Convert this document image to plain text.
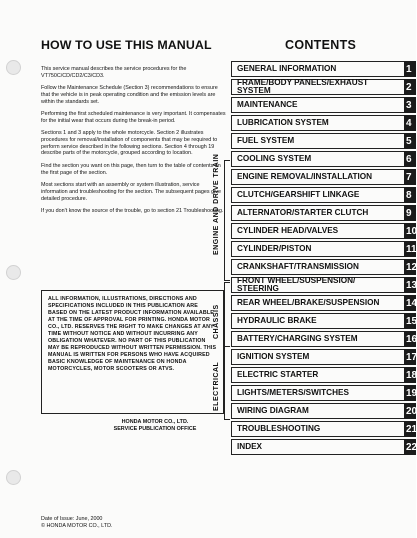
HOW TO USE THIS MANUAL

This service manual describes the service procedures for the VT750C/CD/CD2/C3/CD3.

Follow the Maintenance Schedule (Section 3) recommendations to ensure that the vehicle is in peak operating condition and the emission levels are within the standards set.

Performing the first scheduled maintenance is very important. It compensates for the initial wear that occurs during the break-in period.

Sections 1 and 3 apply to the whole motorcycle. Section 2 illustrates procedures for removal/installation of components that may be required to perform service described in the following sections. Section 4 through 19 describe parts of the motorcycle, grouped according to location.

Find the section you want on this page, then turn to the table of contents on the first page of the section.

Most sections start with an assembly or system illustration, service information and troubleshooting for the section. The subsequent pages give detailed procedure.

If you don't know the source of the trouble, go to section 21 Troubleshooting.

ALL INFORMATION, ILLUSTRATIONS, DIRECTIONS AND SPECIFICATIONS INCLUDED IN THIS PUBLICATION ARE BASED ON THE LATEST PRODUCT INFORMATION AVAILABLE AT THE TIME OF APPROVAL FOR PRINTING. HONDA MOTOR CO., LTD. RESERVES THE RIGHT TO MAKE CHANGES AT ANY TIME WITHOUT NOTICE AND WITHOUT INCURRING ANY OBLIGATION WHATEVER. NO PART OF THIS PUBLICATION MAY BE REPRODUCED WITHOUT WRITTEN PERMISSION. THIS MANUAL IS WRITTEN FOR PERSONS WHO HAVE ACQUIRED BASIC KNOWLEDGE OF MAINTENANCE ON HONDA MOTORCYCLES, MOTOR SCOOTERS OR ATVS.

HONDA MOTOR CO., LTD.
SERVICE PUBLICATION OFFICE
Date of Issue: June, 2000
© HONDA MOTOR CO., LTD.
CONTENTS
GENERAL INFORMATION	1
FRAME/BODY PANELS/EXHAUST SYSTEM	2
MAINTENANCE	3
LUBRICATION SYSTEM	4
FUEL SYSTEM	5
COOLING SYSTEM	6
ENGINE REMOVAL/INSTALLATION	7
CLUTCH/GEARSHIFT LINKAGE	8
ALTERNATOR/STARTER CLUTCH	9
CYLINDER HEAD/VALVES	10
CYLINDER/PISTON	11
CRANKSHAFT/TRANSMISSION	12
FRONT WHEEL/SUSPENSION/ STEERING	13
REAR WHEEL/BRAKE/SUSPENSION	14
HYDRAULIC BRAKE	15
BATTERY/CHARGING SYSTEM	16
IGNITION SYSTEM	17
ELECTRIC STARTER	18
LIGHTS/METERS/SWITCHES	19
WIRING DIAGRAM	20
TROUBLESHOOTING	21
INDEX	22
ENGINE AND DRIVE TRAIN
CHASSIS
ELECTRICAL
